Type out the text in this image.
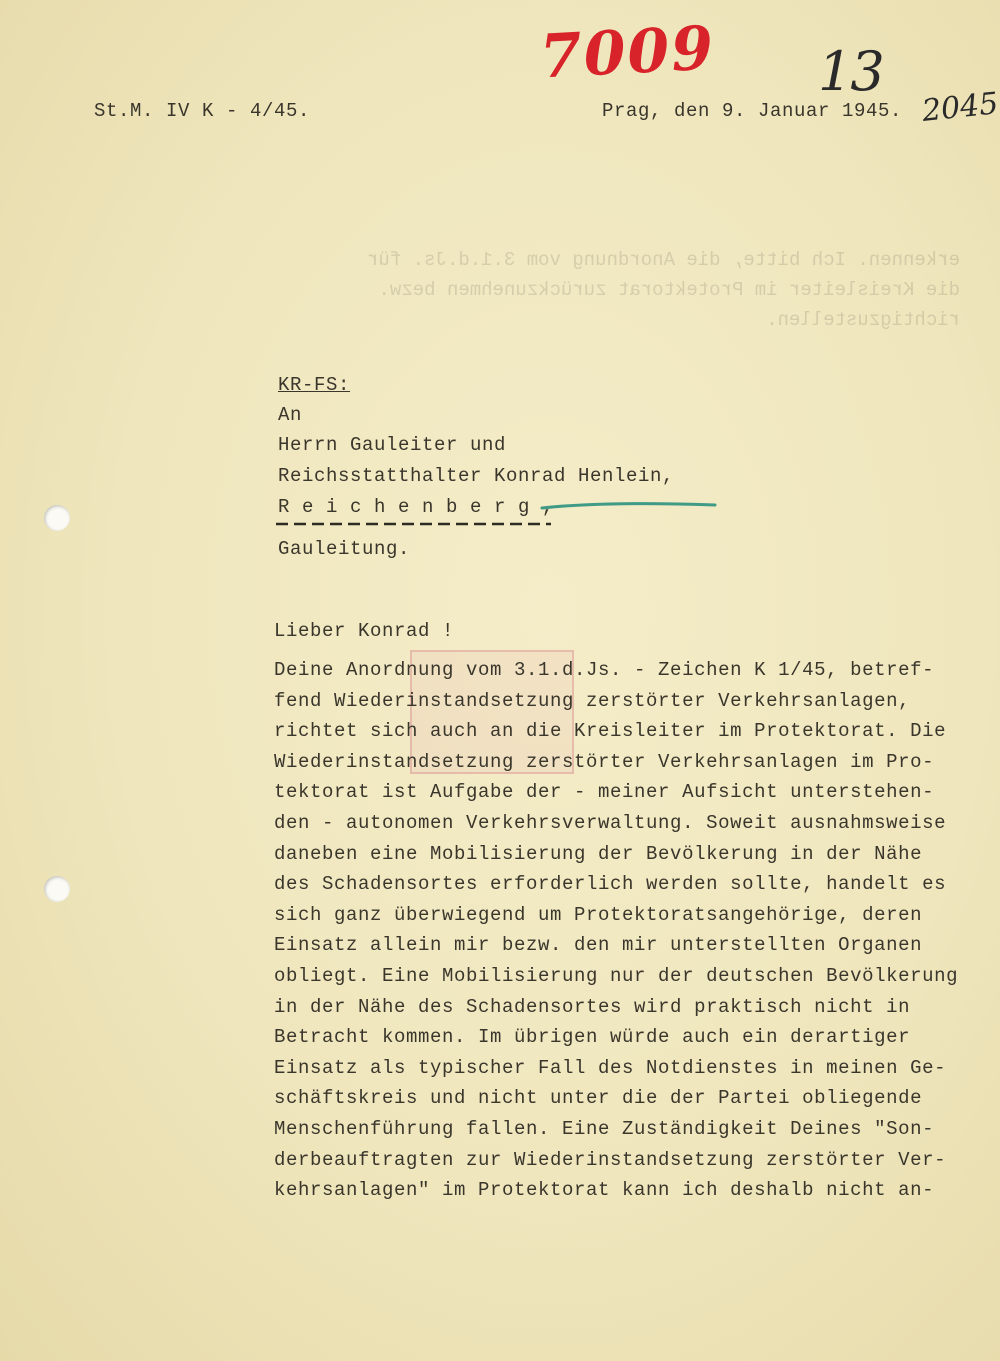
erkennen. Ich bitte, die Anordnung vom 3.1.d.Js. für
die Kreisleiter im Protektorat zurückzunehmen bezw.
richtigzustellen.
7009 13
2045
St.M. IV K - 4/45.	Prag, den 9. Januar 1945.
KR-FS:
An
Herrn Gauleiter und
Reichsstatthalter Konrad Henlein,
R e i c h e n b e r g ,
Gauleitung.
Lieber Konrad !
Deine Anordnung vom 3.1.d.Js. - Zeichen K 1/45, betref-
fend Wiederinstandsetzung zerstörter Verkehrsanlagen,
richtet sich auch an die Kreisleiter im Protektorat. Die
Wiederinstandsetzung zerstörter Verkehrsanlagen im Pro-
tektorat ist Aufgabe der - meiner Aufsicht unterstehen-
den - autonomen Verkehrsverwaltung. Soweit ausnahmsweise
daneben eine Mobilisierung der Bevölkerung in der Nähe
des Schadensortes erforderlich werden sollte, handelt es
sich ganz überwiegend um Protektoratsangehörige, deren
Einsatz allein mir bezw. den mir unterstellten Organen
obliegt. Eine Mobilisierung nur der deutschen Bevölkerung
in der Nähe des Schadensortes wird praktisch nicht in
Betracht kommen. Im übrigen würde auch ein derartiger
Einsatz als typischer Fall des Notdienstes in meinen Ge-
schäftskreis und nicht unter die der Partei obliegende
Menschenführung fallen. Eine Zuständigkeit Deines "Son-
derbeauftragten zur Wiederinstandsetzung zerstörter Ver-
kehrsanlagen" im Protektorat kann ich deshalb nicht an-
